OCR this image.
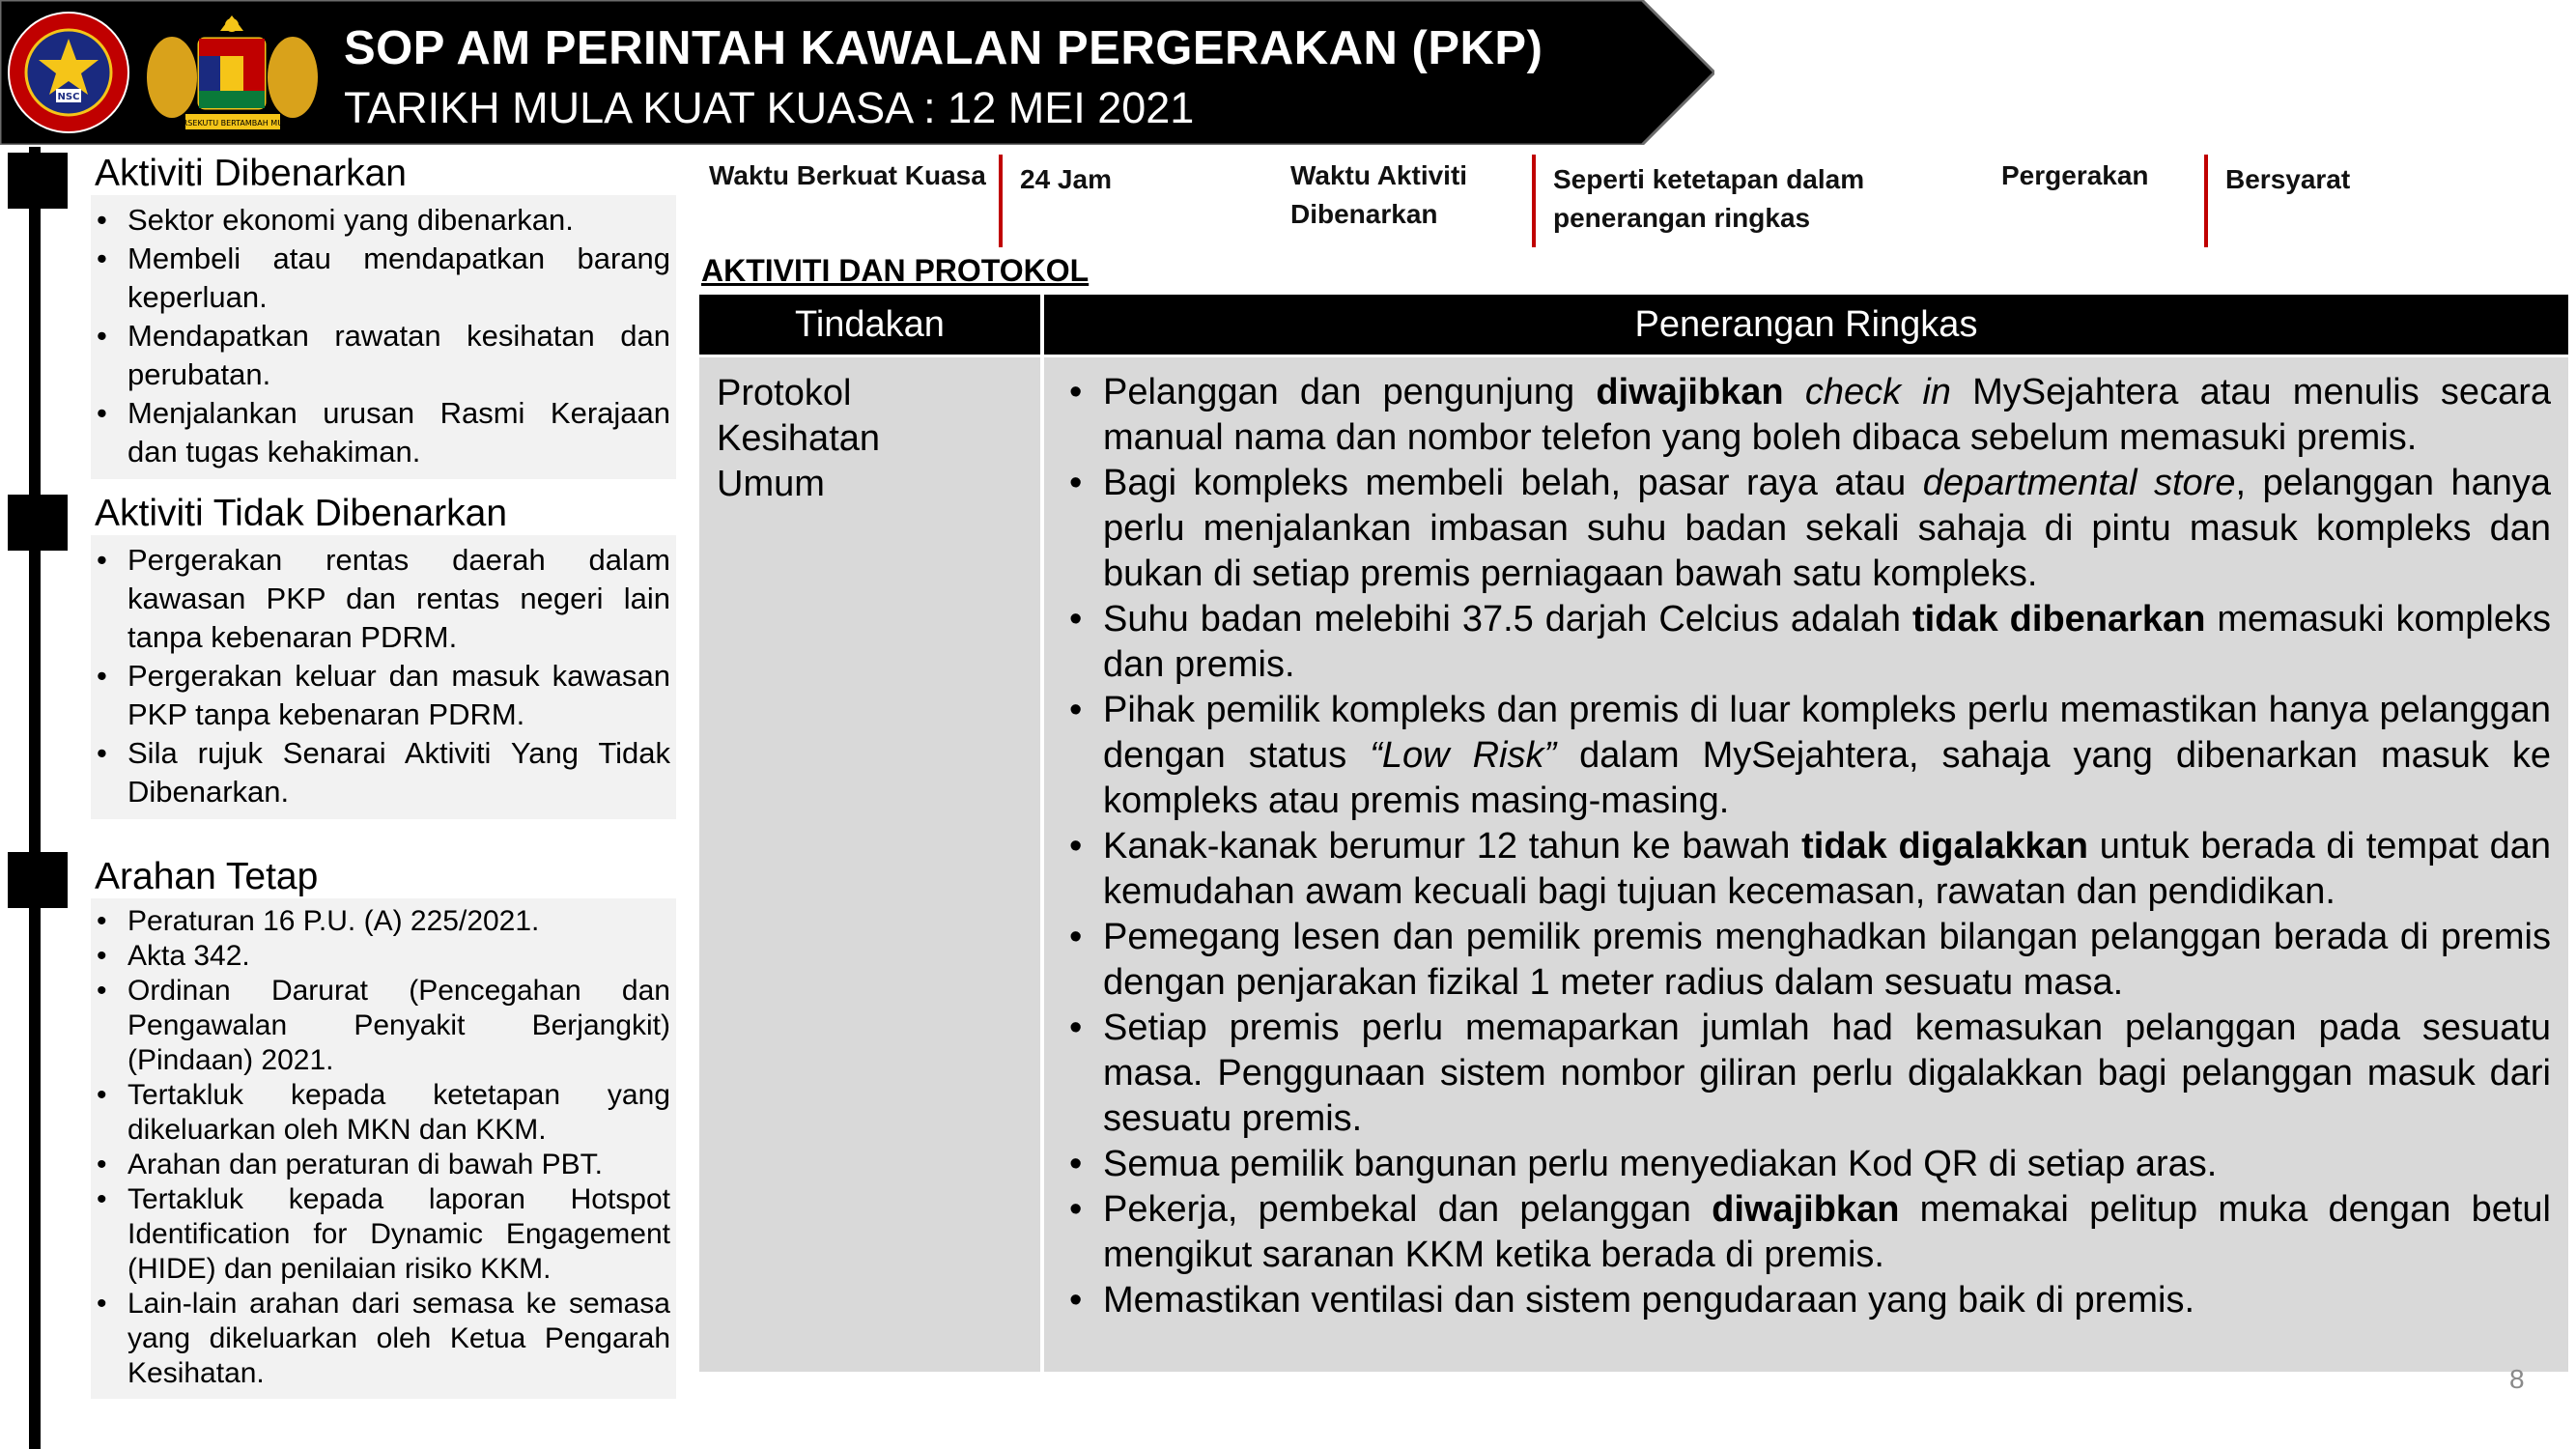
NSC
BERSEKUTU BERTAMBAH MUTU
SOP AM PERINTAH KAWALAN PERGERAKAN (PKP)
TARIKH MULA KUAT KUASA : 12 MEI 2021
Aktiviti Dibenarkan
• Sektor ekonomi yang dibenarkan.
• Membeli atau mendapatkan barang keperluan.
• Mendapatkan rawatan kesihatan dan perubatan.
• Menjalankan urusan Rasmi Kerajaan dan tugas kehakiman.
Aktiviti Tidak Dibenarkan
• Pergerakan rentas daerah dalam kawasan PKP dan rentas negeri lain tanpa kebenaran PDRM.
• Pergerakan keluar dan masuk kawasan PKP tanpa kebenaran PDRM.
• Sila rujuk Senarai Aktiviti Yang Tidak Dibenarkan.
Arahan Tetap
• Peraturan 16 P.U. (A) 225/2021.
• Akta 342.
• Ordinan Darurat (Pencegahan dan Pengawalan Penyakit Berjangkit) (Pindaan) 2021.
• Tertakluk kepada ketetapan yang dikeluarkan oleh MKN dan KKM.
• Arahan dan peraturan di bawah PBT.
• Tertakluk kepada laporan Hotspot Identification for Dynamic Engagement (HIDE) dan penilaian risiko KKM.
• Lain-lain arahan dari semasa ke semasa yang dikeluarkan oleh Ketua Pengarah Kesihatan.
Waktu Berkuat Kuasa 24 Jam	Waktu Aktiviti Dibenarkan
Seperti ketetapan dalam penerangan ringkas
Pergerakan	Bersyarat
AKTIVITI DAN PROTOKOL
Tindakan	Penerangan Ringkas
Protokol
Kesihatan
Umum
• Pelanggan dan pengunjung diwajibkan check in MySejahtera atau menulis secara manual nama dan nombor telefon yang boleh dibaca sebelum memasuki premis.
• Bagi kompleks membeli belah, pasar raya atau departmental store, pelanggan hanya perlu menjalankan imbasan suhu badan sekali sahaja di pintu masuk kompleks dan bukan di setiap premis perniagaan bawah satu kompleks.
• Suhu badan melebihi 37.5 darjah Celcius adalah tidak dibenarkan memasuki kompleks dan premis.
• Pihak pemilik kompleks dan premis di luar kompleks perlu memastikan hanya pelanggan dengan status “Low Risk” dalam MySejahtera, sahaja yang dibenarkan masuk ke kompleks atau premis masing-masing.
• Kanak-kanak berumur 12 tahun ke bawah tidak digalakkan untuk berada di tempat dan kemudahan awam kecuali bagi tujuan kecemasan, rawatan dan pendidikan.
• Pemegang lesen dan pemilik premis menghadkan bilangan pelanggan berada di premis dengan penjarakan fizikal 1 meter radius dalam sesuatu masa.
• Setiap premis perlu memaparkan jumlah had kemasukan pelanggan pada sesuatu masa. Penggunaan sistem nombor giliran perlu digalakkan bagi pelanggan masuk dari sesuatu premis.
• Semua pemilik bangunan perlu menyediakan Kod QR di setiap aras.
• Pekerja, pembekal dan pelanggan diwajibkan memakai pelitup muka dengan betul mengikut saranan KKM ketika berada di premis.
• Memastikan ventilasi dan sistem pengudaraan yang baik di premis.
8
